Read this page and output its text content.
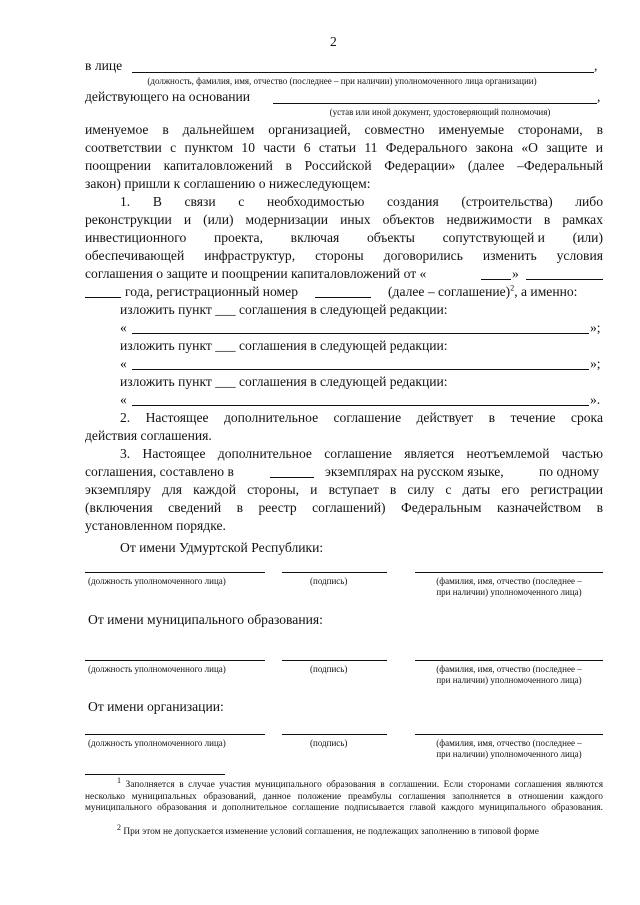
2
в лице	,
(должность, фамилия, имя, отчество (последнее – при наличии) уполномоченного лица организации)
действующего на основании	,
(устав или иной документ, удостоверяющий полномочия)
именуемое в дальнейшем организацией, совместно именуемые сторонами, в
соответствии с пунктом 10 части 6 статьи 11 Федерального закона «О защите и
поощрении капиталовложений в Российской Федерации» (далее –Федеральный
закон) пришли к соглашению о нижеследующем:
1. В связи с необходимостью создания (строительства) либо
реконструкции и (или) модернизации иных объектов недвижимости в рамках
инвестиционного проекта, включая объекты сопутствующей и (или)
обеспечивающей инфраструктур, стороны договорились изменить условия
соглашения о защите и поощрении капиталовложений от «	»
года, регистрационный номер	(далее – соглашение)$^2$, а именно:
изложить пункт ___ соглашения в следующей редакции:
«	»;
изложить пункт ___ соглашения в следующей редакции:
«	»;
изложить пункт ___ соглашения в следующей редакции:
«	».
2. Настоящее дополнительное соглашение действует в течение срока
действия соглашения.
3. Настоящее дополнительное соглашение является неотъемлемой частью
соглашения, составлено в	экземплярах на русском языке,	по одному
экземпляру для каждой стороны, и вступает в силу с даты его регистрации
(включения сведений в реестр соглашений) Федеральным казначейством в
установленном порядке.
От имени Удмуртской Республики:
(должность уполномоченного лица)	(подпись)	(фамилия, имя, отчество (последнее –
при наличии) уполномоченного лица)
От имени муниципального образования:
(должность уполномоченного лица)	(подпись)	(фамилия, имя, отчество (последнее –
при наличии) уполномоченного лица)
От имени организации:
(должность уполномоченного лица)	(подпись)	(фамилия, имя, отчество (последнее –
при наличии) уполномоченного лица)
1 Заполняется в случае участия муниципального образования в соглашении. Если сторонами соглашения являются несколько муниципальных образований, данное положение преамбулы соглашения заполняется в отношении каждого муниципального образования и дополнительное соглашение подписывается главой каждого муниципального образования.
2 При этом не допускается изменение условий соглашения, не подлежащих заполнению в типовой форме
